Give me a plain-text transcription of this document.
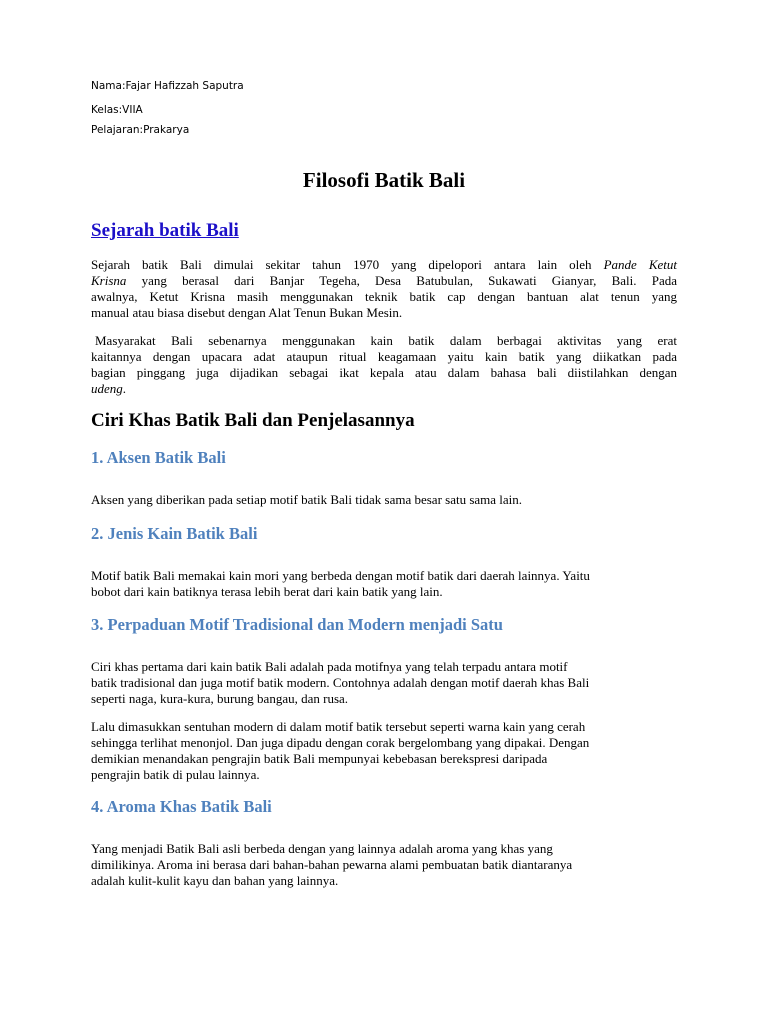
Nama:Fajar Hafizzah Saputra
Kelas:VIIA
Pelajaran:Prakarya
Filosofi Batik Bali
Sejarah batik Bali
Sejarah batik Bali dimulai sekitar tahun 1970 yang dipelopori antara lain oleh Pande Ketut
Krisna yang berasal dari Banjar Tegeha, Desa Batubulan, Sukawati Gianyar, Bali. Pada
awalnya, Ketut Krisna masih menggunakan teknik batik cap dengan bantuan alat tenun yang
manual atau biasa disebut dengan Alat Tenun Bukan Mesin.
Masyarakat Bali sebenarnya menggunakan kain batik dalam berbagai aktivitas yang erat
kaitannya dengan upacara adat ataupun ritual keagamaan yaitu kain batik yang diikatkan pada
bagian pinggang juga dijadikan sebagai ikat kepala atau dalam bahasa bali diistilahkan dengan
udeng.
Ciri Khas Batik Bali dan Penjelasannya
1. Aksen Batik Bali
Aksen yang diberikan pada setiap motif batik Bali tidak sama besar satu sama lain.
2. Jenis Kain Batik Bali
Motif batik Bali memakai kain mori yang berbeda dengan motif batik dari daerah lainnya. Yaitu
bobot dari kain batiknya terasa lebih berat dari kain batik yang lain.
3. Perpaduan Motif Tradisional dan Modern menjadi Satu
Ciri khas pertama dari kain batik Bali adalah pada motifnya yang telah terpadu antara motif
batik tradisional dan juga motif batik modern. Contohnya adalah dengan motif daerah khas Bali
seperti naga, kura-kura, burung bangau, dan rusa.
Lalu dimasukkan sentuhan modern di dalam motif batik tersebut seperti warna kain yang cerah
sehingga terlihat menonjol. Dan juga dipadu dengan corak bergelombang yang dipakai. Dengan
demikian menandakan pengrajin batik Bali mempunyai kebebasan berekspresi daripada
pengrajin batik di pulau lainnya.
4. Aroma Khas Batik Bali
Yang menjadi Batik Bali asli berbeda dengan yang lainnya adalah aroma yang khas yang
dimilikinya. Aroma ini berasa dari bahan-bahan pewarna alami pembuatan batik diantaranya
adalah kulit-kulit kayu dan bahan yang lainnya.
